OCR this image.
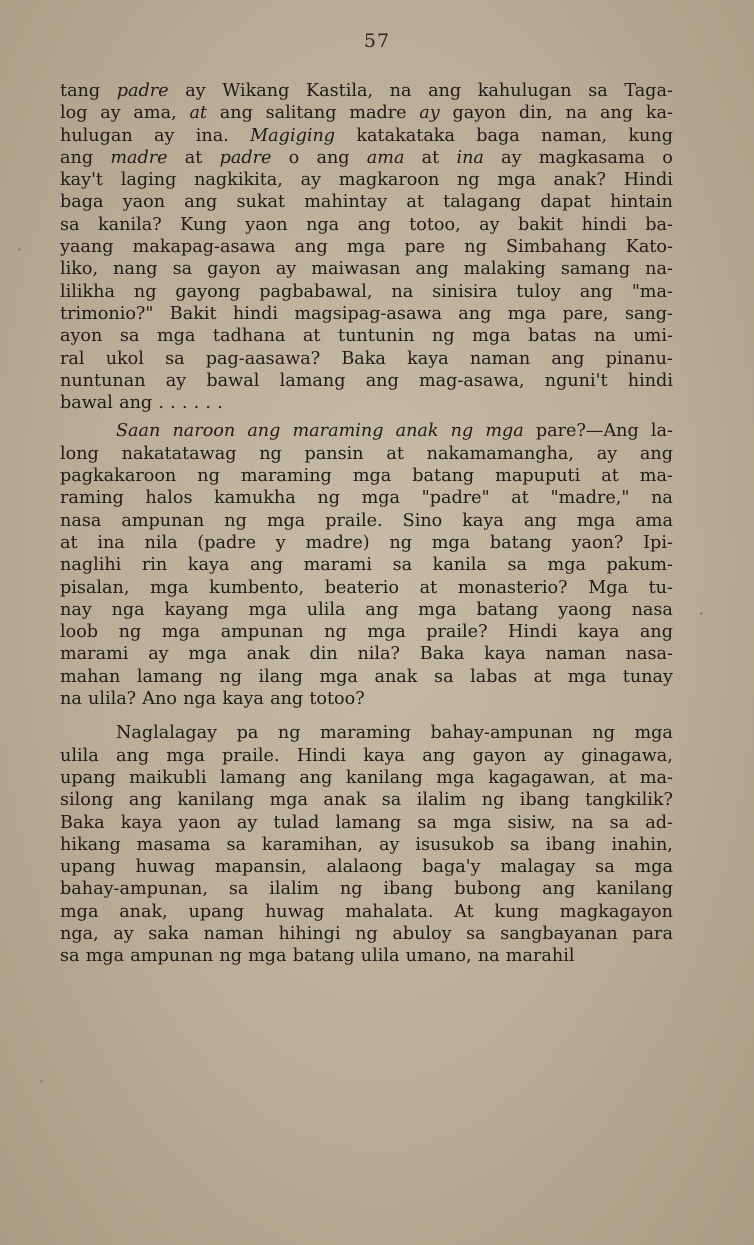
57
tang padre ay Wikang Kastila, na ang kahulugan sa Taga-
log ay ama, at ang salitang madre ay gayon din, na ang ka-
hulugan ay ina. Magiging katakataka baga naman, kung
ang madre at padre o ang ama at ina ay magkasama o
kay't laging nagkikita, ay magkaroon ng mga anak? Hindi
baga yaon ang sukat mahintay at talagang dapat hintain
sa kanila? Kung yaon nga ang totoo, ay bakit hindi ba-
yaang makapag-asawa ang mga pare ng Simbahang Kato-
liko, nang sa gayon ay maiwasan ang malaking samang na-
lilikha ng gayong pagbabawal, na sinisira tuloy ang "ma-
trimonio?" Bakit hindi magsipag-asawa ang mga pare, sang-
ayon sa mga tadhana at tuntunin ng mga batas na umi-
ral ukol sa pag-aasawa? Baka kaya naman ang pinanu-
nuntunan ay bawal lamang ang mag-asawa, nguni't hindi
bawal ang . . . . . .
Saan naroon ang maraming anak ng mga pare?—Ang la-
long nakatatawag ng pansin at nakamamangha, ay ang
pagkakaroon ng maraming mga batang mapuputi at ma-
raming halos kamukha ng mga "padre" at "madre," na
nasa ampunan ng mga praile. Sino kaya ang mga ama
at ina nila (padre y madre) ng mga batang yaon? Ipi-
naglihi rin kaya ang marami sa kanila sa mga pakum-
pisalan, mga kumbento, beaterio at monasterio? Mga tu-
nay nga kayang mga ulila ang mga batang yaong nasa
loob ng mga ampunan ng mga praile? Hindi kaya ang
marami ay mga anak din nila? Baka kaya naman nasa-
mahan lamang ng ilang mga anak sa labas at mga tunay
na ulila? Ano nga kaya ang totoo?
Naglalagay pa ng maraming bahay-ampunan ng mga
ulila ang mga praile. Hindi kaya ang gayon ay ginagawa,
upang maikubli lamang ang kanilang mga kagagawan, at ma-
silong ang kanilang mga anak sa ilalim ng ibang tangkilik?
Baka kaya yaon ay tulad lamang sa mga sisiw, na sa ad-
hikang masama sa karamihan, ay isusukob sa ibang inahin,
upang huwag mapansin, alalaong baga'y malagay sa mga
bahay-ampunan, sa ilalim ng ibang bubong ang kanilang
mga anak, upang huwag mahalata. At kung magkagayon
nga, ay saka naman hihingi ng abuloy sa sangbayanan para
sa mga ampunan ng mga batang ulila umano, na marahil
